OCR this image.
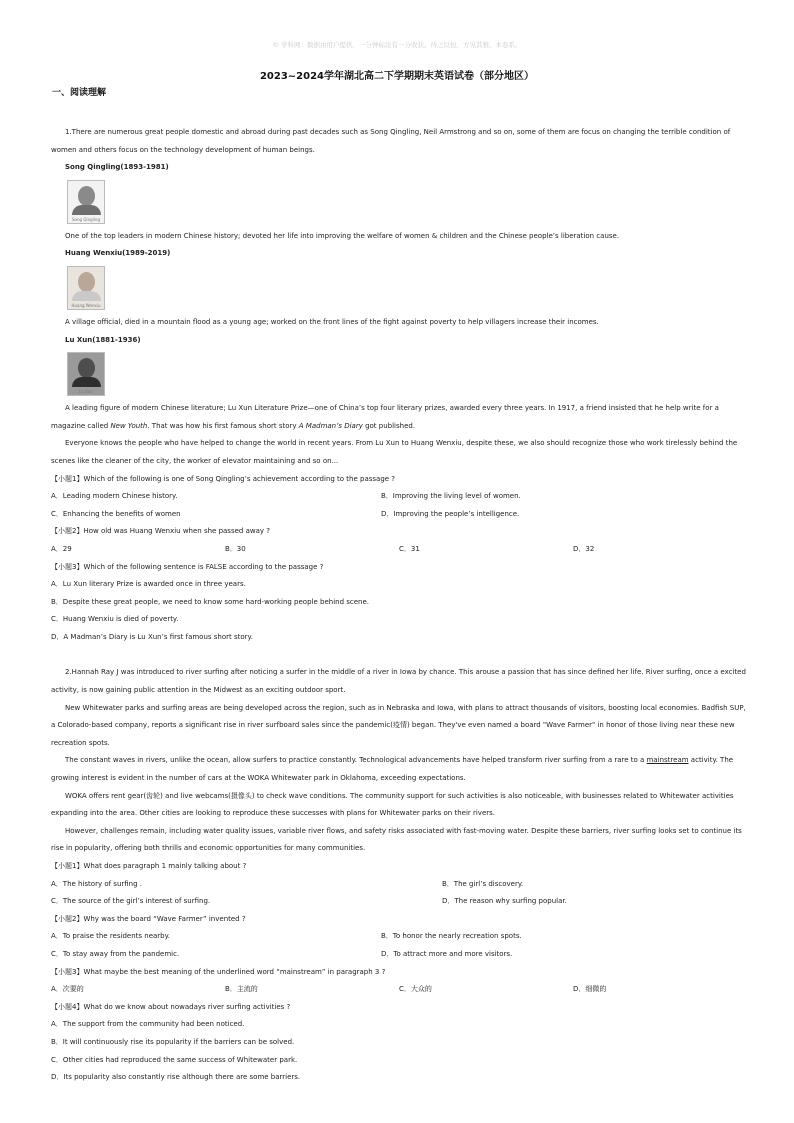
© 学科网：数据由用户提供，一分钟标注有一分收获。待之以恒，方见其雅，本卷系。
2023~2024学年湖北高二下学期期末英语试卷（部分地区）
一、阅读理解

1.There are numerous great people domestic and abroad during past decades such as Song Qingling, Neil Armstrong and so on, some of them are focus on changing the terrible condition of women and others focus on the technology development of human beings.

Song Qingling(1893-1981)

Song Qingling

One of the top leaders in modern Chinese history; devoted her life into improving the welfare of women & children and the Chinese people’s liberation cause.

Huang Wenxiu(1989-2019)

Huang Wenxiu

A village official, died in a mountain flood as a young age; worked on the front lines of the fight against poverty to help villagers increase their incomes.

Lu Xun(1881-1936)

Lu Xun

A leading figure of modern Chinese literature; Lu Xun Literature Prize—one of China’s top four literary prizes, awarded every three years. In 1917, a friend insisted that he help write for a magazine called New Youth. That was how his first famous short story A Madman’s Diary got published.

Everyone knows the people who have helped to change the world in recent years. From Lu Xun to Huang Wenxiu, despite these, we also should recognize those who work tirelessly behind the scenes like the cleaner of the city, the worker of elevator maintaining and so on...

【小题1】Which of the following is one of Song Qingling’s achievement according to the passage ?

A．Leading modern Chinese history.	B．Improving the living level of women.
C．Enhancing the benefits of women	D．Improving the people’s intelligence.

【小题2】How old was Huang Wenxiu when she passed away ?

A．29	B．30	C．31	D．32

【小题3】Which of the following sentence is FALSE according to the passage ?

A．Lu Xun literary Prize is awarded once in three years.

B．Despite these great people, we need to know some hard-working people behind scene.

C．Huang Wenxiu is died of poverty.

D．A Madman’s Diary is Lu Xun’s first famous short story.

2.Hannah Ray J was introduced to river surfing after noticing a surfer in the middle of a river in Iowa by chance. This arouse a passion that has since defined her life. River surfing, once a excited activity, is now gaining public attention in the Midwest as an exciting outdoor sport.

New Whitewater parks and surfing areas are being developed across the region, such as in Nebraska and Iowa, with plans to attract thousands of visitors, boosting local economies. Badfish SUP, a Colorado-based company, reports a significant rise in river surfboard sales since the pandemic(疫情) began. They've even named a board "Wave Farmer" in honor of those living near these new recreation spots.

The constant waves in rivers, unlike the ocean, allow surfers to practice constantly. Technological advancements have helped transform river surfing from a rare to a mainstream activity. The growing interest is evident in the number of cars at the WOKA Whitewater park in Oklahoma, exceeding expectations.

WOKA offers rent gear(齿轮) and live webcams(摄像头) to check wave conditions. The community support for such activities is also noticeable, with businesses related to Whitewater activities expanding into the area. Other cities are looking to reproduce these successes with plans for Whitewater parks on their rivers.

However, challenges remain, including water quality issues, variable river flows, and safety risks associated with fast-moving water. Despite these barriers, river surfing looks set to continue its rise in popularity, offering both thrills and economic opportunities for many communities.

【小题1】What does paragraph 1 mainly talking about ?

A．The history of surfing .	B．The girl’s discovery.
C．The source of the girl’s interest of surfing.	D．The reason why surfing popular.

【小题2】Why was the board “Wave Farmer” invented ?

A．To praise the residents nearby.	B．To honor the nearly recreation spots.
C．To stay away from the pandemic.	D．To attract more and more visitors.

【小题3】What maybe the best meaning of the underlined word “mainstream” in paragraph 3 ?

A．次要的	B．主流的	C．大众的	D．细微的

【小题4】What do we know about nowadays river surfing activities ?

A．The support from the community had been noticed.

B．It will continuously rise its popularity if the barriers can be solved.

C．Other cities had reproduced the same success of Whitewater park.

D．Its popularity also constantly rise although there are some barriers.
